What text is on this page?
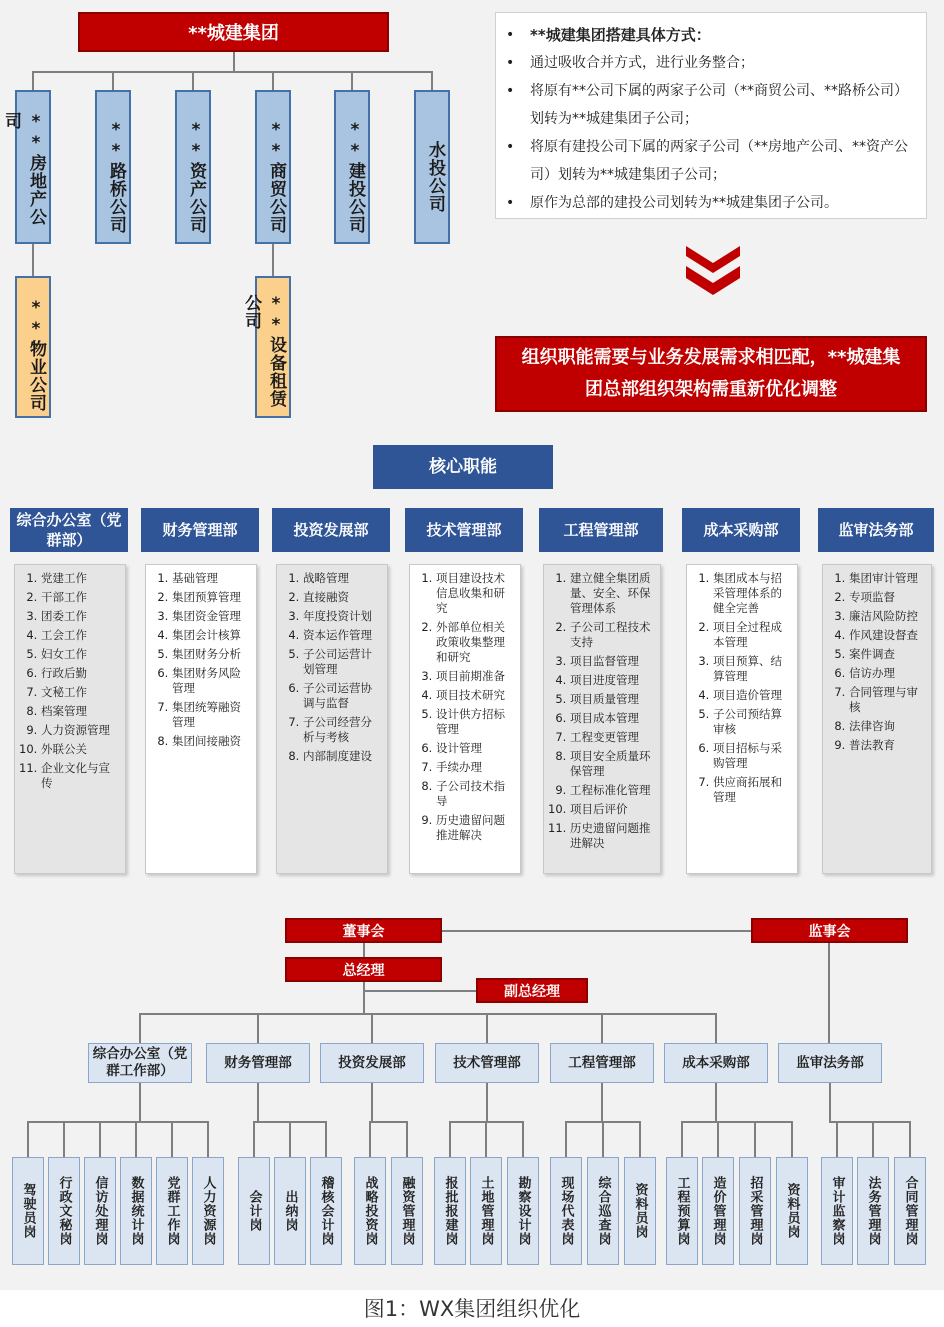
**城建集团
**房地产公司	**路桥公司	**资产公司	**商贸公司	**建投公司	水投公司
**物业公司	**设备租赁公司
•	**城建集团搭建具体方式：
•	通过吸收合并方式，进行业务整合；
•	将原有**公司下属的两家子公司（**商贸公司、**路桥公司）划转为**城建集团子公司；
•	将原有建投公司下属的两家子公司（**房地产公司、**资产公司）划转为**城建集团子公司；
•	原作为总部的建投公司划转为**城建集团子公司。
组织职能需要与业务发展需求相匹配，**城建集团总部组织架构需重新优化调整
核心职能
综合办公室（党群部）
1. 党建工作
2. 干部工作
3. 团委工作
4. 工会工作
5. 妇女工作
6. 行政后勤
7. 文秘工作
8. 档案管理
9. 人力资源管理
10. 外联公关
11. 企业文化与宣传
财务管理部
1. 基础管理
2. 集团预算管理
3. 集团资金管理
4. 集团会计核算
5. 集团财务分析
6. 集团财务风险管理
7. 集团统筹融资管理
8. 集团间接融资
投资发展部
1. 战略管理
2. 直接融资
3. 年度投资计划
4. 资本运作管理
5. 子公司运营计划管理
6. 子公司运营协调与监督
7. 子公司经营分析与考核
8. 内部制度建设
技术管理部
1. 项目建设技术信息收集和研究
2. 外部单位相关政策收集整理和研究
3. 项目前期准备
4. 项目技术研究
5. 设计供方招标管理
6. 设计管理
7. 手续办理
8. 子公司技术指导
9. 历史遗留问题推进解决
工程管理部
1. 建立健全集团质量、安全、环保管理体系
2. 子公司工程技术支持
3. 项目监督管理
4. 项目进度管理
5. 项目质量管理
6. 项目成本管理
7. 工程变更管理
8. 项目安全质量环保管理
9. 工程标准化管理
10. 项目后评价
11. 历史遗留问题推进解决
成本采购部
1. 集团成本与招采管理体系的健全完善
2. 项目全过程成本管理
3. 项目预算、结算管理
4. 项目造价管理
5. 子公司预结算审核
6. 项目招标与采购管理
7. 供应商拓展和管理
监审法务部
1. 集团审计管理
2. 专项监督
3. 廉洁风险防控
4. 作风建设督查
5. 案件调查
6. 信访办理
7. 合同管理与审核
8. 法律咨询
9. 普法教育
董事会	监事会
总经理
副总经理
综合办公室（党群工作部）
驾驶员岗 行政文秘岗 信访处理岗 数据统计岗 党群工作岗 人力资源岗
财务管理部
会计岗 出纳岗 稽核会计岗
投资发展部
战略投资岗 融资管理岗
技术管理部
报批报建岗 土地管理岗 勘察设计岗
工程管理部
现场代表岗 综合巡查岗 资料员岗
成本采购部
工程预算岗 造价管理岗 招采管理岗 资料员岗
监审法务部
审计监察岗 法务管理岗 合同管理岗
图1：WX集团组织优化
